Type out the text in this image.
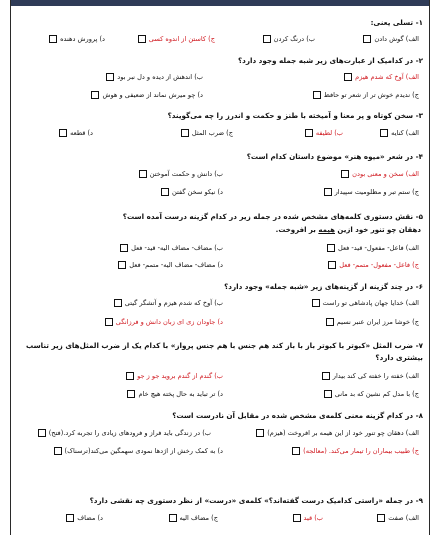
۱- تسلی یعنی:
الف) گوش دادن
ب) درنگ کردن
ج) کاستن از اندوه کسی
د) پرورش دهنده
۲- در کدامیک از عبارت‌های زیر شبه جمله وجود دارد؟
الف) آوخ که شدم هیزم
ب) اندهش از دیده و دل نبر بود
ج) ندیدم خوش تر از شعر تو حافظ
د) چو میرش نماند از ضعیفی و هوش
۳- سخن کوتاه و پر معنا و آمیخته با طنز و حکمت و اندرز را چه می‌گویند؟
الف) کنایه
ب) لطیفه
ج) ضرب المثل
د) قطعه
۴- در شعر «میوه هنر» موضوع داستان کدام است؟
الف) سخن و معنی بودن
ب) دانش و حکمت آموختن
ج) ستم تبر و مظلومیت سپیدار
د) نیکو سخن گفتن
۵- نقش دستوری کلمه‌های مشخص شده در جمله زیر در کدام گزینه درست آمده است؟
دهقان چو تنور خود ازین هیمه بر افروخت.
الف) فاعل- مفعول- قید- فعل
ب) مضاف- مضاف الیه- قید- فعل
ج) فاعل- مفعول- متمم- فعل
د) مضاف- مضاف الیه- متمم- فعل
۶- در چند گزینه از گزینه‌های زیر «شبه جمله» وجود دارد؟
الف) خدایا جهان پادشاهی تو راست
ب) آوخ که شدم هیزم و آتشگر گیتی
ج) خوشا مرز ایران عنبر نسیم
د) جاودان زی ای زبان دانش و فرزانگی
۷- ضرب المثل «کبوتر با کبوتر باز با باز کند هم جنس با هم جنس پرواز» با کدام یک از ضرب المثل‌های زیر تناسب بیشتری دارد؟
الف) خفته را خفته کی کند بیدار
ب) گندم از گندم بروید جو ز جو
ج) با مدل کم نشین که بد مانی
د) تر تباید به حال پخته هیچ خام
۸- در کدام گزینه معنی کلمه‌ی مشخص شده در مقابل آن نادرست است؟
الف) دهقان چو تنور خود از این هیمه بر افروخت (هیزم)
ب) در زندگی باید فراز و فرودهای زیادی را تجربه کرد.(فتح)
ج) طبیب بیماران را تیمار می‌کند. (معالجه)
د) به کمک رخش از اژدها نمودی سهمگین می‌کند(ترسناک)
۹- در جمله «راستی کدامیک درست گفته‌اند؟» کلمه‌ی «درست» از نظر دستوری چه نقشی دارد؟
الف) صفت
ب) قید
ج) مضاف الیه
د) مضاف
